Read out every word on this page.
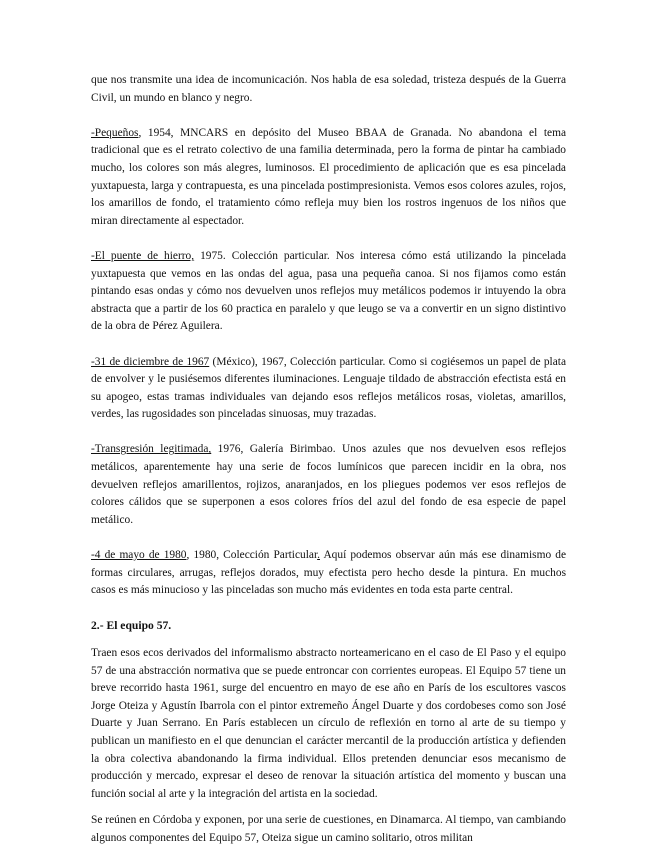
que nos transmite una idea de incomunicación. Nos habla de esa soledad, tristeza después de la Guerra Civil, un mundo en blanco y negro.

-Pequeños, 1954, MNCARS en depósito del Museo BBAA de Granada. No abandona el tema tradicional que es el retrato colectivo de una familia determinada, pero la forma de pintar ha cambiado mucho, los colores son más alegres, luminosos. El procedimiento de aplicación que es esa pincelada yuxtapuesta, larga y contrapuesta, es una pincelada postimpresionista. Vemos esos colores azules, rojos, los amarillos de fondo, el tratamiento cómo refleja muy bien los rostros ingenuos de los niños que miran directamente al espectador.

-El puente de hierro, 1975. Colección particular. Nos interesa cómo está utilizando la pincelada yuxtapuesta que vemos en las ondas del agua, pasa una pequeña canoa. Si nos fijamos como están pintando esas ondas y cómo nos devuelven unos reflejos muy metálicos podemos ir intuyendo la obra abstracta que a partir de los 60 practica en paralelo y que leugo se va a convertir en un signo distintivo de la obra de Pérez Aguilera.

-31 de diciembre de 1967 (México), 1967, Colección particular. Como si cogiésemos un papel de plata de envolver y le pusiésemos diferentes iluminaciones. Lenguaje tildado de abstracción efectista está en su apogeo, estas tramas individuales van dejando esos reflejos metálicos rosas, violetas, amarillos, verdes, las rugosidades son pinceladas sinuosas, muy trazadas.

-Transgresión legitimada, 1976, Galería Birimbao. Unos azules que nos devuelven esos reflejos metálicos, aparentemente hay una serie de focos lumínicos que parecen incidir en la obra, nos devuelven reflejos amarillentos, rojizos, anaranjados, en los pliegues podemos ver esos reflejos de colores cálidos que se superponen a esos colores fríos del azul del fondo de esa especie de papel metálico.

-4 de mayo de 1980, 1980, Colección Particular. Aquí podemos observar aún más ese dinamismo de formas circulares, arrugas, reflejos dorados, muy efectista pero hecho desde la pintura. En muchos casos es más minucioso y las pinceladas son mucho más evidentes en toda esta parte central.

2.- El equipo 57.

Traen esos ecos derivados del informalismo abstracto norteamericano en el caso de El Paso y el equipo 57 de una abstracción normativa que se puede entroncar con corrientes europeas. El Equipo 57 tiene un breve recorrido hasta 1961, surge del encuentro en mayo de ese año en París de los escultores vascos Jorge Oteiza y Agustín Ibarrola con el pintor extremeño Ángel Duarte y dos cordobeses como son José Duarte y Juan Serrano. En París establecen un círculo de reflexión en torno al arte de su tiempo y publican un manifiesto en el que denuncian el carácter mercantil de la producción artística y defienden la obra colectiva abandonando la firma individual. Ellos pretenden denunciar esos mecanismo de producción y mercado, expresar el deseo de renovar la situación artística del momento y buscan una función social al arte y la integración del artista en la sociedad.

Se reúnen en Córdoba y exponen, por una serie de cuestiones, en Dinamarca. Al tiempo, van cambiando algunos componentes del Equipo 57, Oteiza sigue un camino solitario, otros militan
